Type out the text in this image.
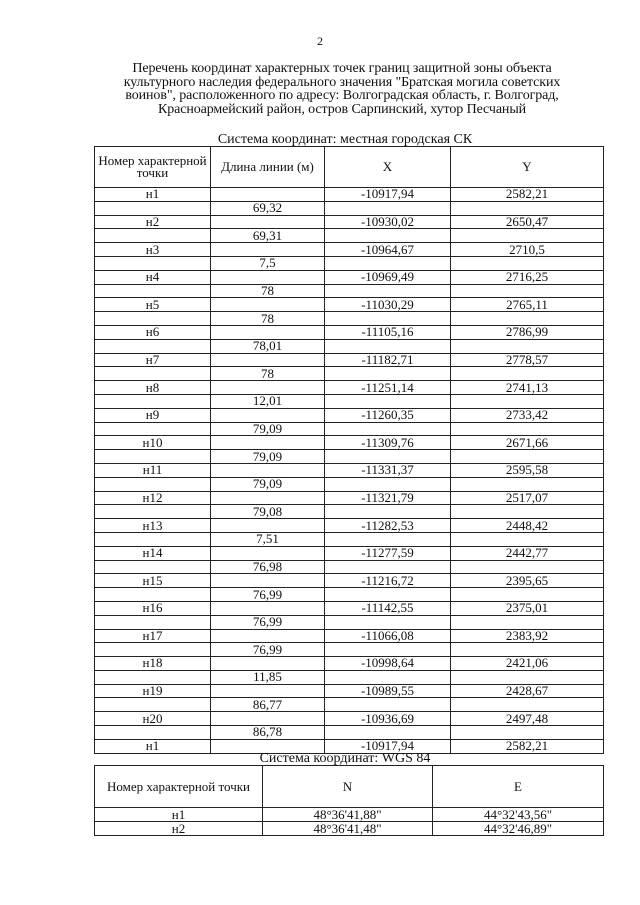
2
Перечень координат характерных точек границ защитной зоны объекта
культурного наследия федерального значения "Братская могила советских
воинов", расположенного по адресу: Волгоградская область, г. Волгоград,
Красноармейский район, остров Сарпинский, хутор Песчаный
Система координат: местная городская СК
Номер характерной точки	Длина линии (м)	X	Y
н1		-10917,94	2582,21
	69,32		
н2		-10930,02	2650,47
	69,31		
н3		-10964,67	2710,5
	7,5		
н4		-10969,49	2716,25
	78		
н5		-11030,29	2765,11
	78		
н6		-11105,16	2786,99
	78,01		
н7		-11182,71	2778,57
	78		
н8		-11251,14	2741,13
	12,01		
н9		-11260,35	2733,42
	79,09		
н10		-11309,76	2671,66
	79,09		
н11		-11331,37	2595,58
	79,09		
н12		-11321,79	2517,07
	79,08		
н13		-11282,53	2448,42
	7,51		
н14		-11277,59	2442,77
	76,98		
н15		-11216,72	2395,65
	76,99		
н16		-11142,55	2375,01
	76,99		
н17		-11066,08	2383,92
	76,99		
н18		-10998,64	2421,06
	11,85		
н19		-10989,55	2428,67
	86,77		
н20		-10936,69	2497,48
	86,78		
н1		-10917,94	2582,21
Система координат: WGS 84
Номер характерной точки	N	E
н1	48°36'41,88"	44°32'43,56"
н2	48°36'41,48"	44°32'46,89"
